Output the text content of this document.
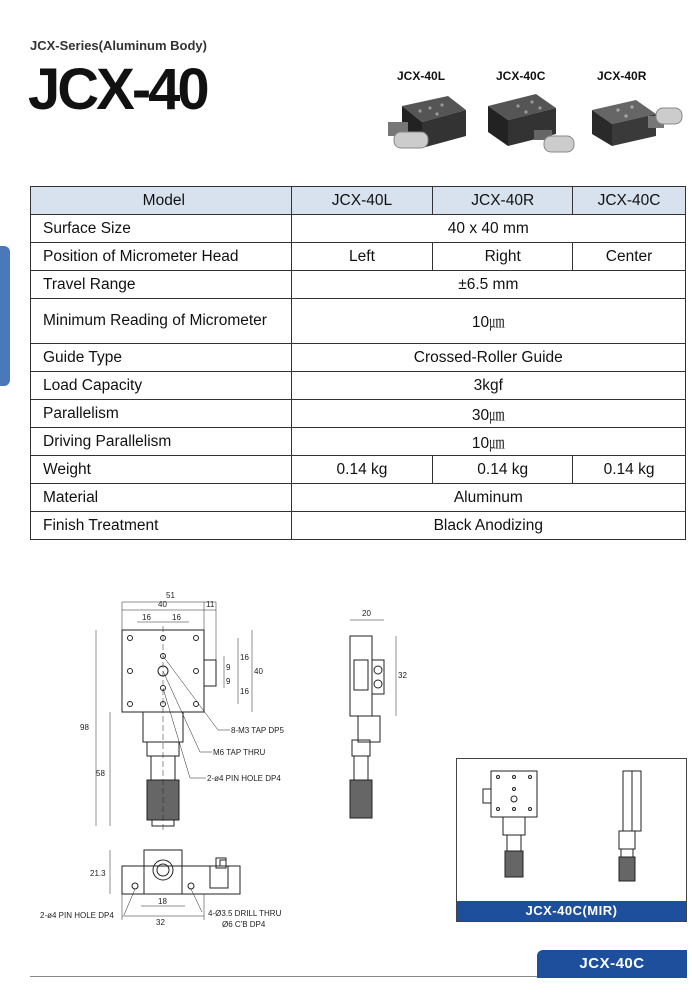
JCX-Series(Aluminum Body)
JCX-40	JCX-40L	JCX-40C	JCX-40R
Model	JCX-40L	JCX-40R	JCX-40C
Surface Size	40 x 40 mm		
Position of Micrometer Head	Left	Right	Center
Travel Range	±6.5 mm		
Minimum Reading of Micrometer	10㎛		
Guide Type	Crossed-Roller Guide		
Load Capacity	3kgf		
Parallelism	30㎛		
Driving Parallelism	10㎛		
Weight	0.14 kg	0.14 kg	0.14 kg
Material	Aluminum		
Finish Treatment	Black Anodizing		
51
40	11
16	16
9
9
16
16
40
98
58
20
32
21.3
18
32
8-M3 TAP DP5
M6 TAP THRU
2-ø4 PIN HOLE DP4
2-ø4 PIN HOLE DP4	4-Ø3.5 DRILL THRU
Ø6 C'B DP4
JCX-40C(MIR)
JCX-40C
